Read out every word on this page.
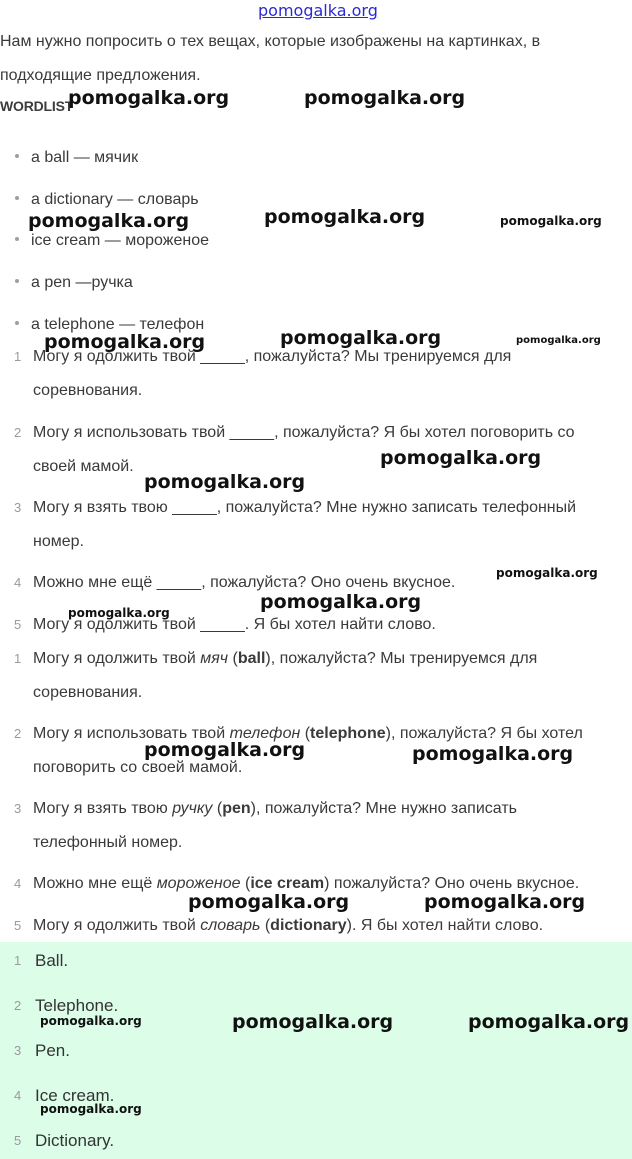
pomogalka.org
Нам нужно попросить о тех вещах, которые изображены на картинках, в
подходящие предложения.
WORDLIST
a ball — мячик
a dictionary — словарь
ice cream — мороженое
a pen —ручка
a telephone — телефон
1 Могу я одолжить твой _____, пожалуйста? Мы тренируемся для
соревнования.
2 Могу я использовать твой _____, пожалуйста? Я бы хотел поговорить со
своей мамой.
3 Могу я взять твою _____, пожалуйста? Мне нужно записать телефонный
номер.
4 Можно мне ещё _____, пожалуйста? Оно очень вкусное.
5 Могу я одолжить твой _____. Я бы хотел найти слово.
1 Могу я одолжить твой мяч (ball), пожалуйста? Мы тренируемся для
соревнования.
2 Могу я использовать твой телефон (telephone), пожалуйста? Я бы хотел
поговорить со своей мамой.
3 Могу я взять твою ручку (pen), пожалуйста? Мне нужно записать
телефонный номер.
4 Можно мне ещё мороженое (ice cream) пожалуйста? Оно очень вкусное.
5 Могу я одолжить твой словарь (dictionary). Я бы хотел найти слово.
1 Ball.
2 Telephone.
3 Pen.
4 Ice cream.
5 Dictionary.
pomogalka.org	pomogalka.org
pomogalka.org	pomogalka.org	pomogalka.org
pomogalka.org	pomogalka.org	pomogalka.org
pomogalka.org
pomogalka.org
pomogalka.org
pomogalka.org
pomogalka.org
pomogalka.org	pomogalka.org
pomogalka.org	pomogalka.org
pomogalka.org	pomogalka.org	pomogalka.org
pomogalka.org
